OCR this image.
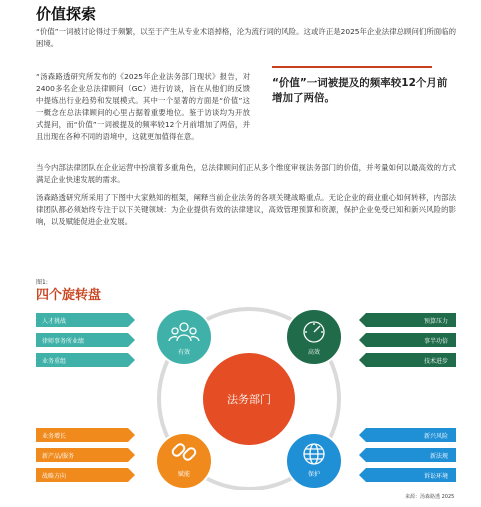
价值探索
“价值”一词被讨论得过于频繁，以至于产生从专业术语掉格，沦为流行词的风险。这或许正是2025年企业法律总顾问们所面临的困境。
“汤森路透研究所发布的《2025年企业法务部门现状》报告，对2400多名企业总法律顾问（GC）进行访谈，旨在从他们的反馈中提炼出行业趋势和发展模式。其中一个显著的方面是“价值”这一概念在总法律顾问的心里占据着重要地位。鉴于访谈均为开放式提问，而“价值”一词被提及的频率较12个月前增加了两倍，并且出现在各种不同的语境中，这就更加值得在意。
“价值”一词被提及的频率较12个月前增加了两倍。
当今内部法律团队在企业运营中扮演着多重角色，总法律顾问们正从多个维度审视法务部门的价值，并考量如何以最高效的方式满足企业快速发展的需求。
汤森路透研究所采用了下图中大家熟知的框架，阐释当前企业法务的各项关键战略重点。无论企业的商业重心如何转移，内部法律团队都必须始终专注于以下关键领域：为企业提供有效的法律建议，高效管理预算和资源，保护企业免受已知和新兴风险的影响，以及赋能促进企业发展。
图1:
四个旋转盘
法务部门
人才挑战
律师事务所业绩
业务重组
预算压力
事半功倍
技术进步
业务增长
新产品/服务
战略方向
新兴风险
新法规
诉讼环境
有效	高效
赋能	保护
来源：汤森路透 2025
